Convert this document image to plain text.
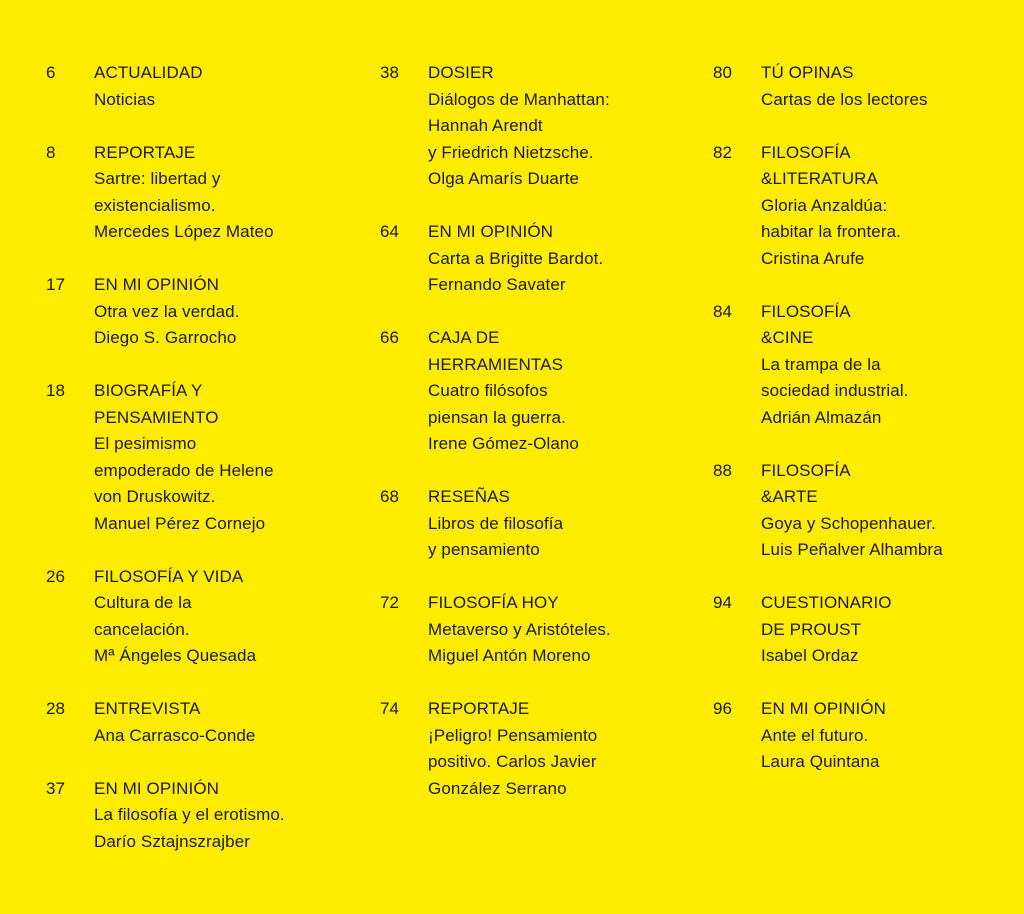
6	ACTUALIDAD
Noticias
8	REPORTAJE
Sartre: libertad y
existencialismo.
Mercedes López Mateo
17	EN MI OPINIÓN
Otra vez la verdad.
Diego S. Garrocho
18	BIOGRAFÍA Y
PENSAMIENTO
El pesimismo
empoderado de Helene
von Druskowitz.
Manuel Pérez Cornejo
26	FILOSOFÍA Y VIDA
Cultura de la
cancelación.
Mª Ángeles Quesada
28	ENTREVISTA
Ana Carrasco-Conde
37	EN MI OPINIÓN
La filosofía y el erotismo.
Darío Sztajnszrajber
38	DOSIER
Diálogos de Manhattan:
Hannah Arendt
y Friedrich Nietzsche.
Olga Amarís Duarte
64	EN MI OPINIÓN
Carta a Brigitte Bardot.
Fernando Savater
66	CAJA DE
HERRAMIENTAS
Cuatro filósofos
piensan la guerra.
Irene Gómez-Olano
68	RESEÑAS
Libros de filosofía
y pensamiento
72	FILOSOFÍA HOY
Metaverso y Aristóteles.
Miguel Antón Moreno
74	REPORTAJE
¡Peligro! Pensamiento
positivo. Carlos Javier
González Serrano
80	TÚ OPINAS
Cartas de los lectores
82	FILOSOFÍA
&LITERATURA
Gloria Anzaldúa:
habitar la frontera.
Cristina Arufe
84	FILOSOFÍA
&CINE
La trampa de la
sociedad industrial.
Adrián Almazán
88	FILOSOFÍA
&ARTE
Goya y Schopenhauer.
Luis Peñalver Alhambra
94	CUESTIONARIO
DE PROUST
Isabel Ordaz
96	EN MI OPINIÓN
Ante el futuro.
Laura Quintana
